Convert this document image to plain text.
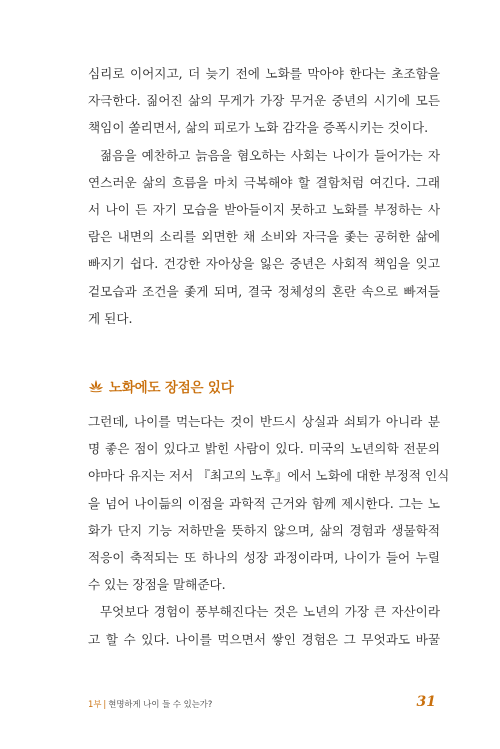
심리로 이어지고, 더 늦기 전에 노화를 막아야 한다는 초조함을
자극한다. 짊어진 삶의 무게가 가장 무거운 중년의 시기에 모든
책임이 쏠리면서, 삶의 피로가 노화 감각을 증폭시키는 것이다.
젊음을 예찬하고 늙음을 혐오하는 사회는 나이가 들어가는 자
연스러운 삶의 흐름을 마치 극복해야 할 결함처럼 여긴다. 그래
서 나이 든 자기 모습을 받아들이지 못하고 노화를 부정하는 사
람은 내면의 소리를 외면한 채 소비와 자극을 좇는 공허한 삶에
빠지기 쉽다. 건강한 자아상을 잃은 중년은 사회적 책임을 잊고
겉모습과 조건을 좇게 되며, 결국 정체성의 혼란 속으로 빠져들
게 된다.
노화에도 장점은 있다
그런데, 나이를 먹는다는 것이 반드시 상실과 쇠퇴가 아니라 분
명 좋은 점이 있다고 밝힌 사람이 있다. 미국의 노년의학 전문의
야마다 유지는 저서 『최고의 노후』에서 노화에 대한 부정적 인식
을 넘어 나이듦의 이점을 과학적 근거와 함께 제시한다. 그는 노
화가 단지 기능 저하만을 뜻하지 않으며, 삶의 경험과 생물학적
적응이 축적되는 또 하나의 성장 과정이라며, 나이가 들어 누릴
수 있는 장점을 말해준다.
무엇보다 경험이 풍부해진다는 것은 노년의 가장 큰 자산이라
고 할 수 있다. 나이를 먹으면서 쌓인 경험은 그 무엇과도 바꿀
1부 | 현명하게 나이 들 수 있는가?	31
